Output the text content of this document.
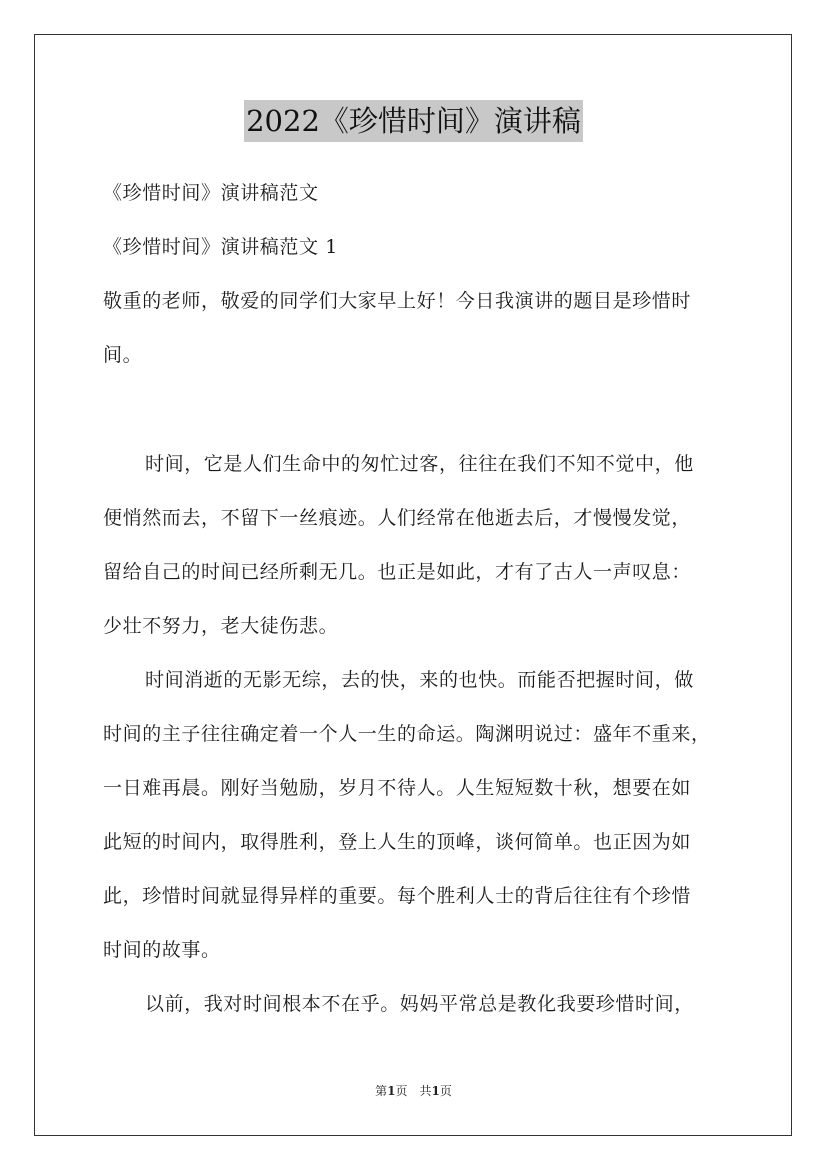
2022《珍惜时间》演讲稿
《珍惜时间》演讲稿范文
《珍惜时间》演讲稿范文 1
敬重的老师，敬爱的同学们大家早上好！今日我演讲的题目是珍惜时
间。
时间，它是人们生命中的匆忙过客，往往在我们不知不觉中，他
便悄然而去，不留下一丝痕迹。人们经常在他逝去后，才慢慢发觉，
留给自己的时间已经所剩无几。也正是如此，才有了古人一声叹息：
少壮不努力，老大徒伤悲。
时间消逝的无影无综，去的快，来的也快。而能否把握时间，做
时间的主子往往确定着一个人一生的命运。陶渊明说过：盛年不重来，
一日难再晨。刚好当勉励，岁月不待人。人生短短数十秋，想要在如
此短的时间内，取得胜利，登上人生的顶峰，谈何简单。也正因为如
此，珍惜时间就显得异样的重要。每个胜利人士的背后往往有个珍惜
时间的故事。
以前，我对时间根本不在乎。妈妈平常总是教化我要珍惜时间，
第1页 共1页
